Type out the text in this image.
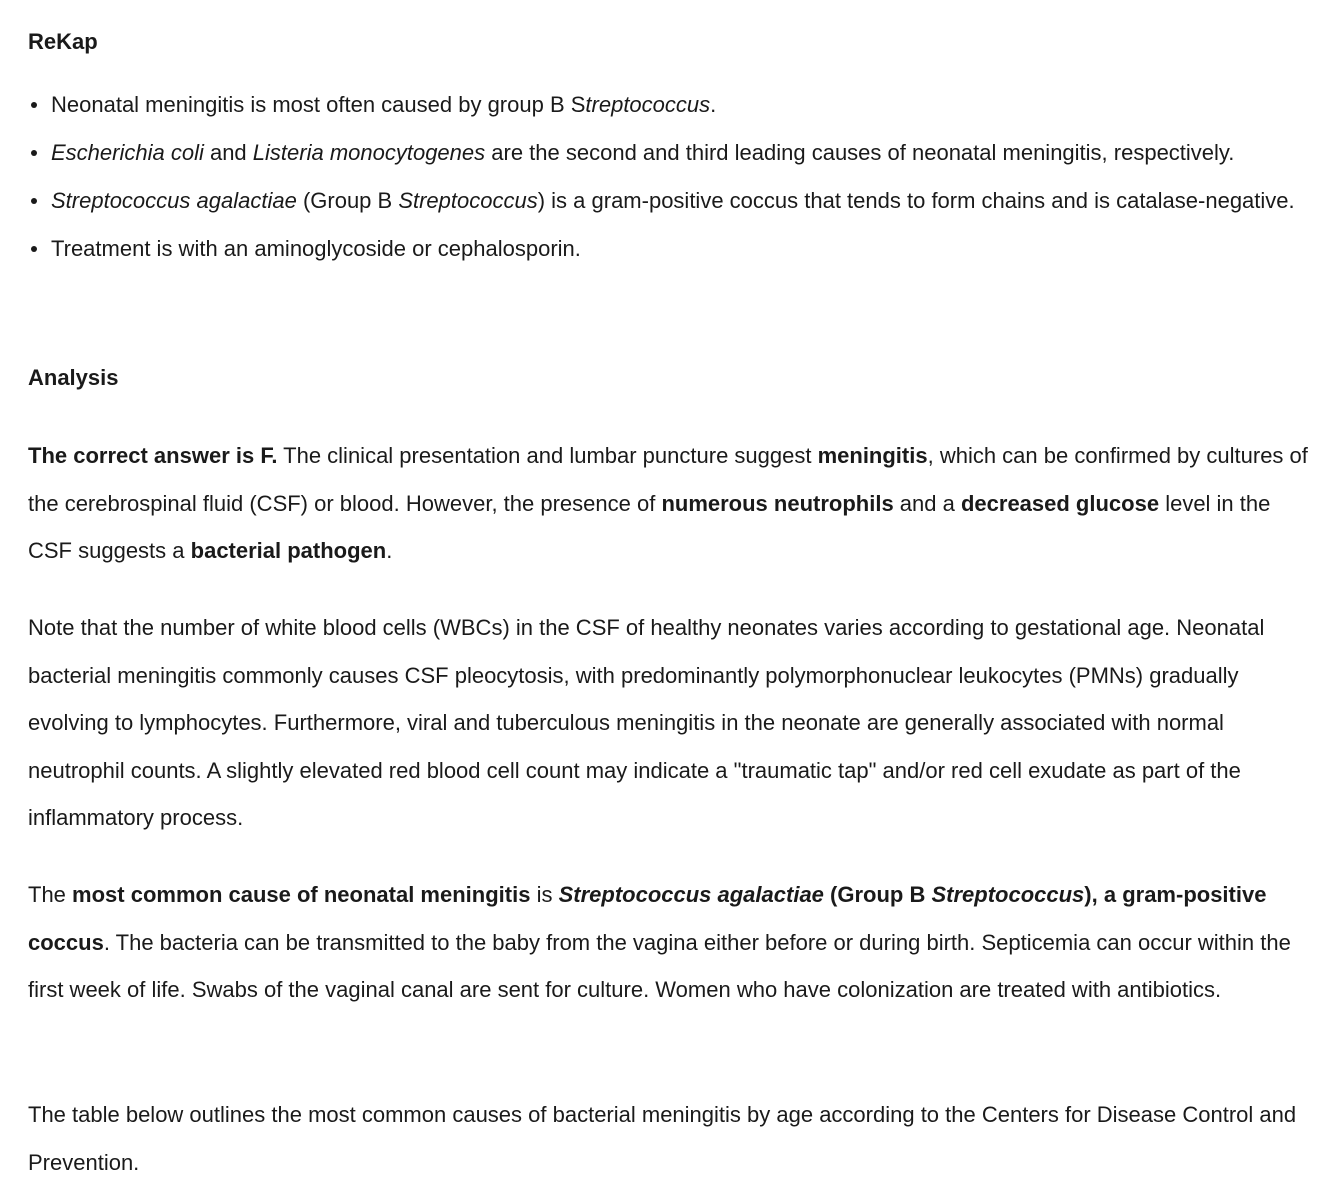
ReKap
Neonatal meningitis is most often caused by group B Streptococcus.
Escherichia coli and Listeria monocytogenes are the second and third leading causes of neonatal meningitis, respectively.
Streptococcus agalactiae (Group B Streptococcus) is a gram-positive coccus that tends to form chains and is catalase-negative.
Treatment is with an aminoglycoside or cephalosporin.
Analysis

The correct answer is F. The clinical presentation and lumbar puncture suggest meningitis, which can be confirmed by cultures of the cerebrospinal fluid (CSF) or blood. However, the presence of numerous neutrophils and a decreased glucose level in the CSF suggests a bacterial pathogen.

Note that the number of white blood cells (WBCs) in the CSF of healthy neonates varies according to gestational age. Neonatal bacterial meningitis commonly causes CSF pleocytosis, with predominantly polymorphonuclear leukocytes (PMNs) gradually evolving to lymphocytes. Furthermore, viral and tuberculous meningitis in the neonate are generally associated with normal neutrophil counts. A slightly elevated red blood cell count may indicate a "traumatic tap" and/or red cell exudate as part of the inflammatory process.

The most common cause of neonatal meningitis is Streptococcus agalactiae (Group B Streptococcus), a gram-positive coccus. The bacteria can be transmitted to the baby from the vagina either before or during birth. Septicemia can occur within the first week of life. Swabs of the vaginal canal are sent for culture. Women who have colonization are treated with antibiotics.

The table below outlines the most common causes of bacterial meningitis by age according to the Centers for Disease Control and Prevention.
